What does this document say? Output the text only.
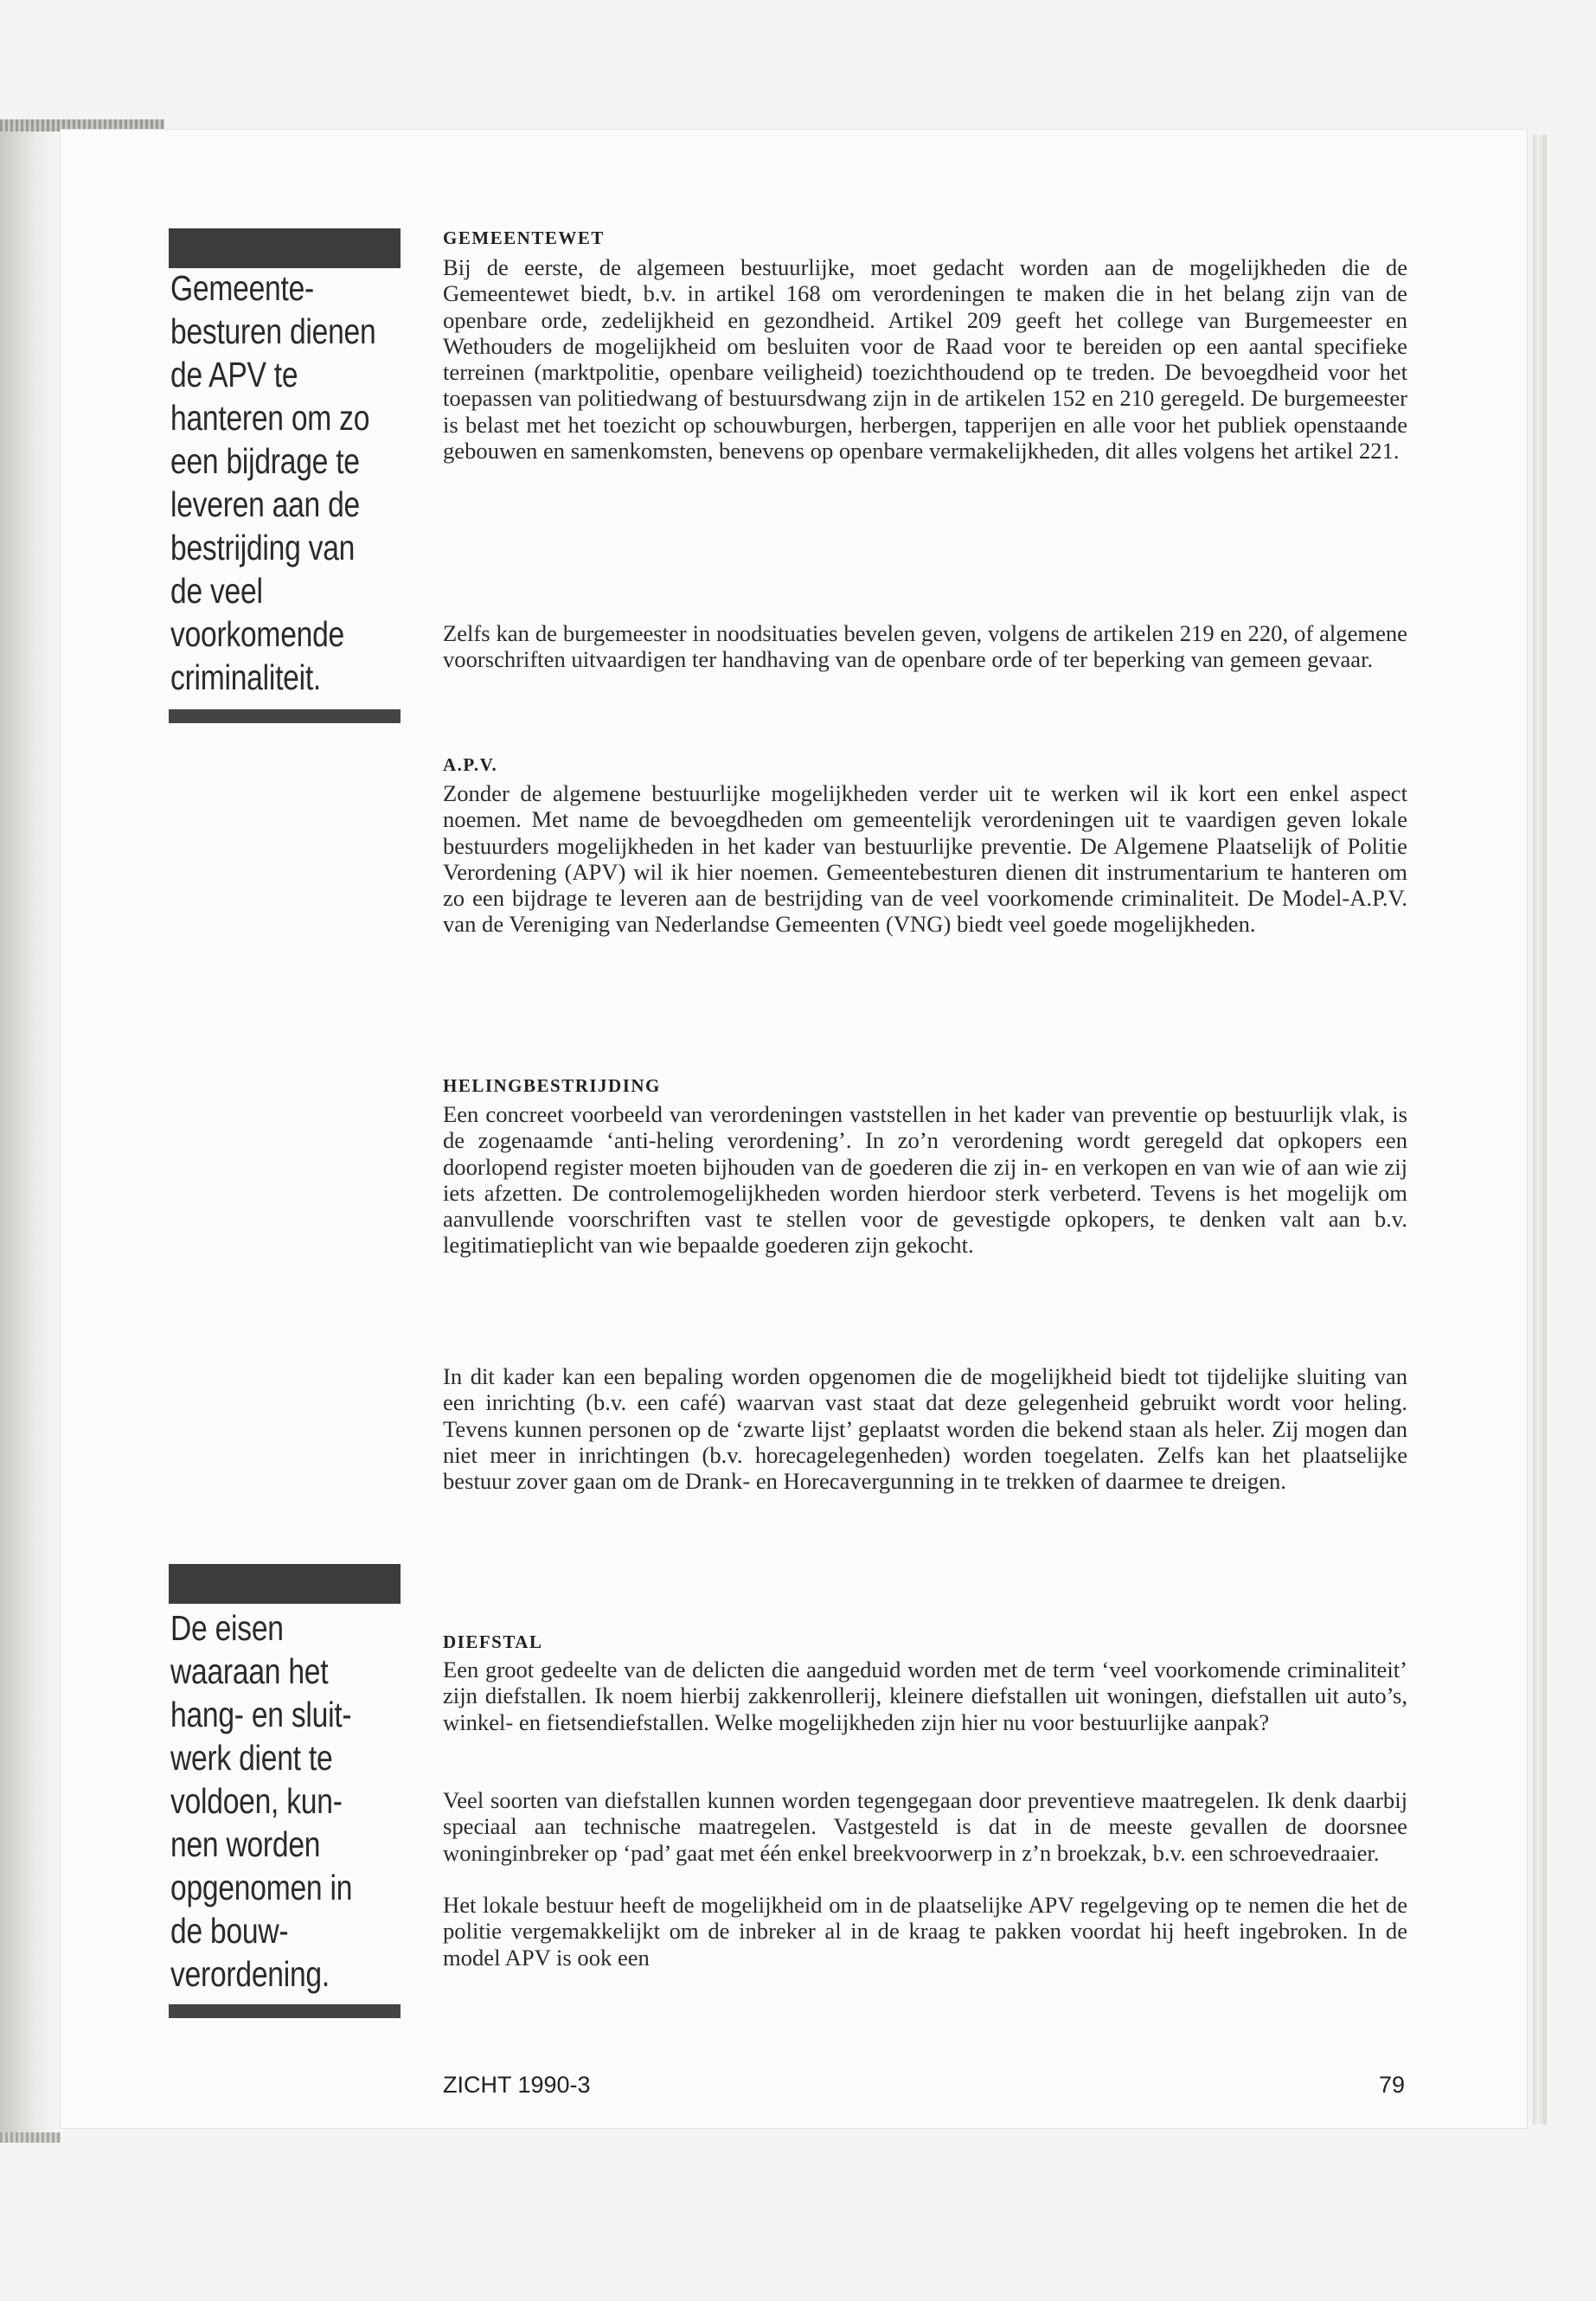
Gemeente-
besturen dienen
de APV te
hanteren om zo
een bijdrage te
leveren aan de
bestrijding van
de veel
voorkomende
criminaliteit.
De eisen
waaraan het
hang- en sluit-
werk dient te
voldoen, kun-
nen worden
opgenomen in
de bouw-
verordening.
GEMEENTEWET
Bij de eerste, de algemeen bestuurlijke, moet gedacht worden aan de mogelijkheden die de Gemeentewet biedt, b.v. in artikel 168 om verordeningen te maken die in het belang zijn van de openbare orde, zedelijkheid en gezondheid. Artikel 209 geeft het college van Burgemeester en Wethouders de mogelijkheid om besluiten voor de Raad voor te bereiden op een aantal specifieke terreinen (marktpolitie, openbare veiligheid) toezichthoudend op te treden. De bevoegdheid voor het toepassen van politiedwang of bestuursdwang zijn in de artikelen 152 en 210 geregeld. De burgemeester is belast met het toezicht op schouwburgen, herbergen, tapperijen en alle voor het publiek openstaande gebouwen en samenkomsten, benevens op openbare vermakelijkheden, dit alles volgens het artikel 221.
Zelfs kan de burgemeester in noodsituaties bevelen geven, volgens de artikelen 219 en 220, of algemene voorschriften uitvaardigen ter handhaving van de openbare orde of ter beperking van gemeen gevaar.
A.P.V.
Zonder de algemene bestuurlijke mogelijkheden verder uit te werken wil ik kort een enkel aspect noemen. Met name de bevoegdheden om gemeentelijk verordeningen uit te vaardigen geven lokale bestuurders mogelijkheden in het kader van bestuurlijke preventie. De Algemene Plaatselijk of Politie Verordening (APV) wil ik hier noemen. Gemeentebesturen dienen dit instrumentarium te hanteren om zo een bijdrage te leveren aan de bestrijding van de veel voorkomende criminaliteit. De Model-A.P.V. van de Vereniging van Nederlandse Gemeenten (VNG) biedt veel goede mogelijkheden.
HELINGBESTRIJDING
Een concreet voorbeeld van verordeningen vaststellen in het kader van preventie op bestuurlijk vlak, is de zogenaamde ‘anti-heling verordening’. In zo’n verordening wordt geregeld dat opkopers een doorlopend register moeten bijhouden van de goederen die zij in- en verkopen en van wie of aan wie zij iets afzetten. De controlemogelijkheden worden hierdoor sterk verbeterd. Tevens is het mogelijk om aanvullende voorschriften vast te stellen voor de gevestigde opkopers, te denken valt aan b.v. legitimatieplicht van wie bepaalde goederen zijn gekocht.
In dit kader kan een bepaling worden opgenomen die de mogelijkheid biedt tot tijdelijke sluiting van een inrichting (b.v. een café) waarvan vast staat dat deze gelegenheid gebruikt wordt voor heling. Tevens kunnen personen op de ‘zwarte lijst’ geplaatst worden die bekend staan als heler. Zij mogen dan niet meer in inrichtingen (b.v. horecagelegenheden) worden toegelaten. Zelfs kan het plaatselijke bestuur zover gaan om de Drank- en Horecavergunning in te trekken of daarmee te dreigen.
DIEFSTAL
Een groot gedeelte van de delicten die aangeduid worden met de term ‘veel voorkomende criminaliteit’ zijn diefstallen. Ik noem hierbij zakkenrollerij, kleinere diefstallen uit woningen, diefstallen uit auto’s, winkel- en fietsendiefstallen. Welke mogelijkheden zijn hier nu voor bestuurlijke aanpak?
Veel soorten van diefstallen kunnen worden tegengegaan door preventieve maatregelen. Ik denk daarbij speciaal aan technische maatregelen. Vastgesteld is dat in de meeste gevallen de doorsnee woninginbreker op ‘pad’ gaat met één enkel breekvoorwerp in z’n broekzak, b.v. een schroevedraaier.
Het lokale bestuur heeft de mogelijkheid om in de plaatselijke APV regelgeving op te nemen die het de politie vergemakkelijkt om de inbreker al in de kraag te pakken voordat hij heeft ingebroken. In de model APV is ook een
ZICHT 1990-3	79
